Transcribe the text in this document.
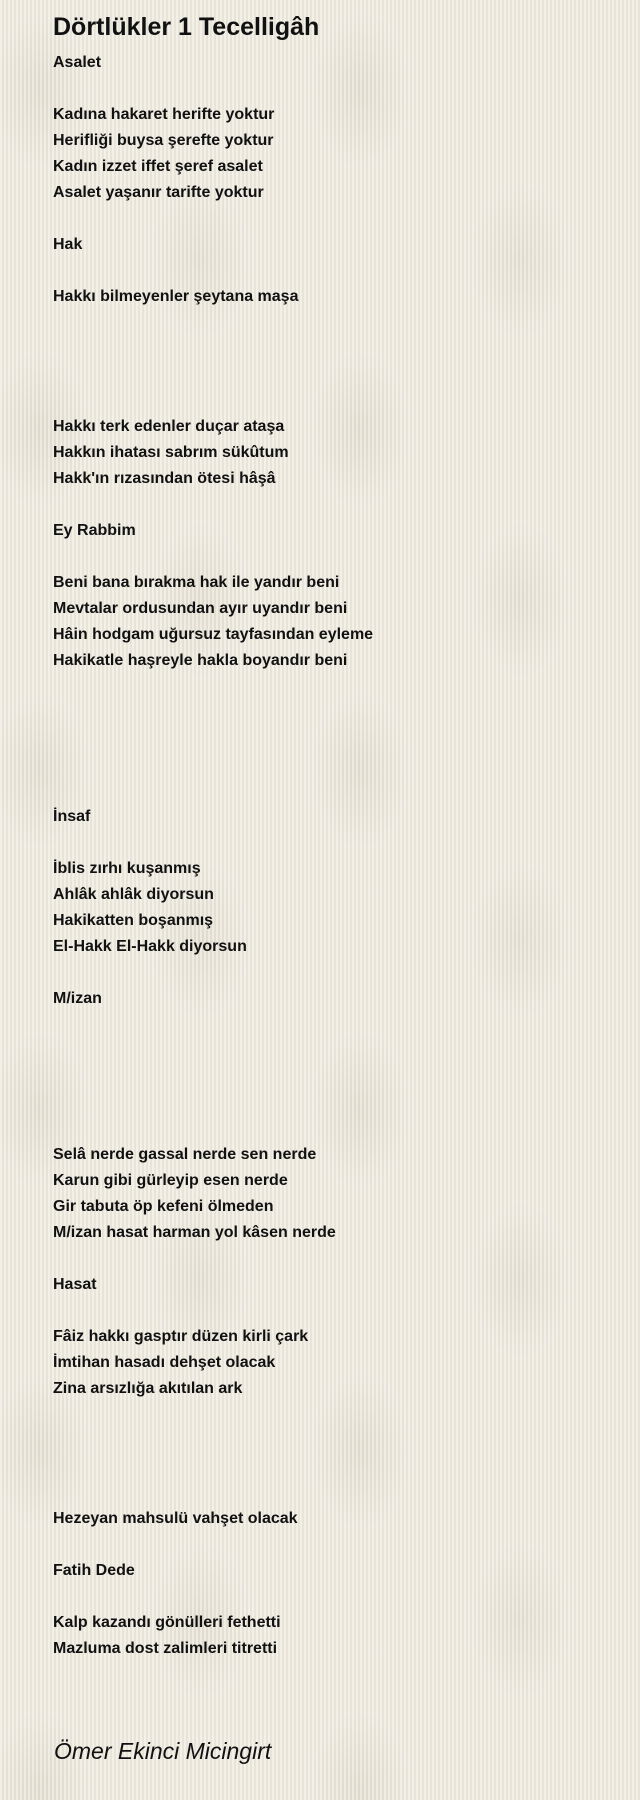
Dörtlükler 1 Tecelligâh
Asalet
Kadına hakaret herifte yoktur
Herifliği buysa şerefte yoktur
Kadın izzet iffet şeref asalet
Asalet yaşanır tarifte yoktur
Hak
Hakkı bilmeyenler şeytana maşa
Hakkı terk edenler duçar ataşa
Hakkın ihatası sabrım sükûtum
Hakk'ın rızasından ötesi hâşâ
Ey Rabbim
Beni bana bırakma hak ile yandır beni
Mevtalar ordusundan ayır uyandır beni
Hâin hodgam uğursuz tayfasından eyleme
Hakikatle haşreyle hakla boyandır beni
İnsaf
İblis zırhı kuşanmış
Ahlâk ahlâk diyorsun
Hakikatten boşanmış
El-Hakk El-Hakk diyorsun
M/izan
Selâ nerde gassal nerde sen nerde
Karun gibi gürleyip esen nerde
Gir tabuta öp kefeni ölmeden
M/izan hasat harman yol kâsen nerde
Hasat
Fâiz hakkı gasptır düzen kirli çark
İmtihan hasadı dehşet olacak
Zina arsızlığa akıtılan ark
Hezeyan mahsulü vahşet olacak
Fatih Dede
Kalp kazandı gönülleri fethetti
Mazluma dost zalimleri titretti
Ömer Ekinci Micingirt
